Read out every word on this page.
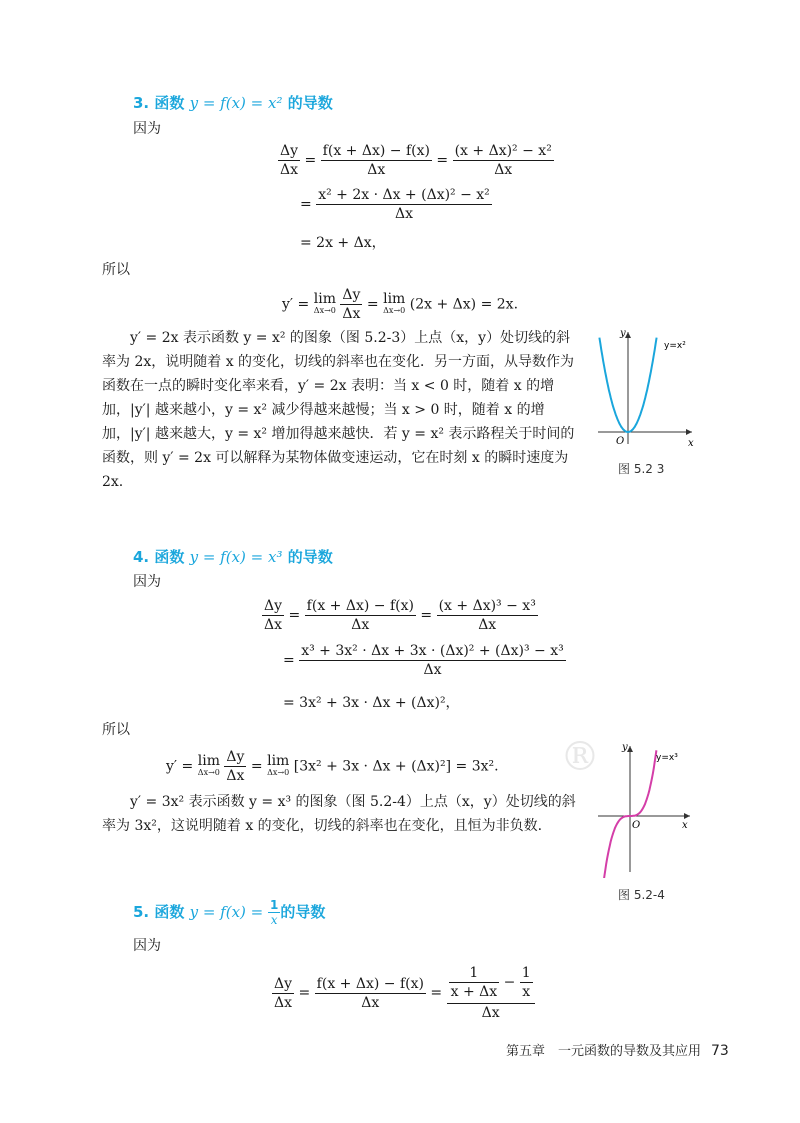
®
3. 函数 y = f(x) = x² 的导数
因为
$\frac{\Delta y}{\Delta x} = \frac{f(x + \Delta x) - f(x)}{\Delta x} = \frac{\text{(x + Δx)² − x²}}{\Delta x}$
= $\frac{\text{x² + 2x · Δx + (Δx)² − x²}}{\Delta x}$
= 2x + Δx，
所以
y′ = lim
Δx→0
$\frac{\Delta y}{\Delta x} = \lim$
Δx→0 (2x + Δx) = 2x.
y′ = 2x 表示函数 y = x² 的图象（图 5.2-3）上点（x，y）处切线的斜率为 2x，说明随着 x 的变化，切线的斜率也在变化．另一方面，从导数作为函数在一点的瞬时变化率来看，y′ = 2x 表明：当 x < 0 时，随着 x 的增加，|y′| 越来越小，y = x² 减少得越来越慢；当 x > 0 时，随着 x 的增加，|y′| 越来越大，y = x² 增加得越来越快．若 y = x² 表示路程关于时间的函数，则 y′ = 2x 可以解释为某物体做变速运动，它在时刻 x 的瞬时速度为 2x.
O	x
y
y=x²
图 5.2 3
4. 函数 y = f(x) = x³ 的导数
因为
$\frac{\Delta y}{\Delta x} = \frac{f(x + \Delta x) - f(x)}{\Delta x} = \frac{\text{(x + Δx)³ − x³}}{\Delta x}$
= $\frac{\text{x³ + 3x² · Δx + 3x · (Δx)² + (Δx)³ − x³}}{\Delta x}$
= 3x² + 3x · Δx + (Δx)²，
所以
y′ = lim
Δx→0
$\frac{\Delta y}{\Delta x} = \lim$
Δx→0 [3x² + 3x · Δx + (Δx)²] = 3x².
y′ = 3x² 表示函数 y = x³ 的图象（图 5.2-4）上点（x，y）处切线的斜率为 3x²，这说明随着 x 的变化，切线的斜率也在变化，且恒为非负数.	O	x
y
y=x³
图 5.2-4
5. 函数 $y = f(x) = \frac{1}{x}$ 的导数
因为
$\frac{\Delta y}{\Delta x} = \frac{f(x + \Delta x) - f(x)}{\Delta x} = \frac{\frac{1}{x + \Delta x} - \frac{1}{x}}{\Delta x}$
第五章　一元函数的导数及其应用 73
